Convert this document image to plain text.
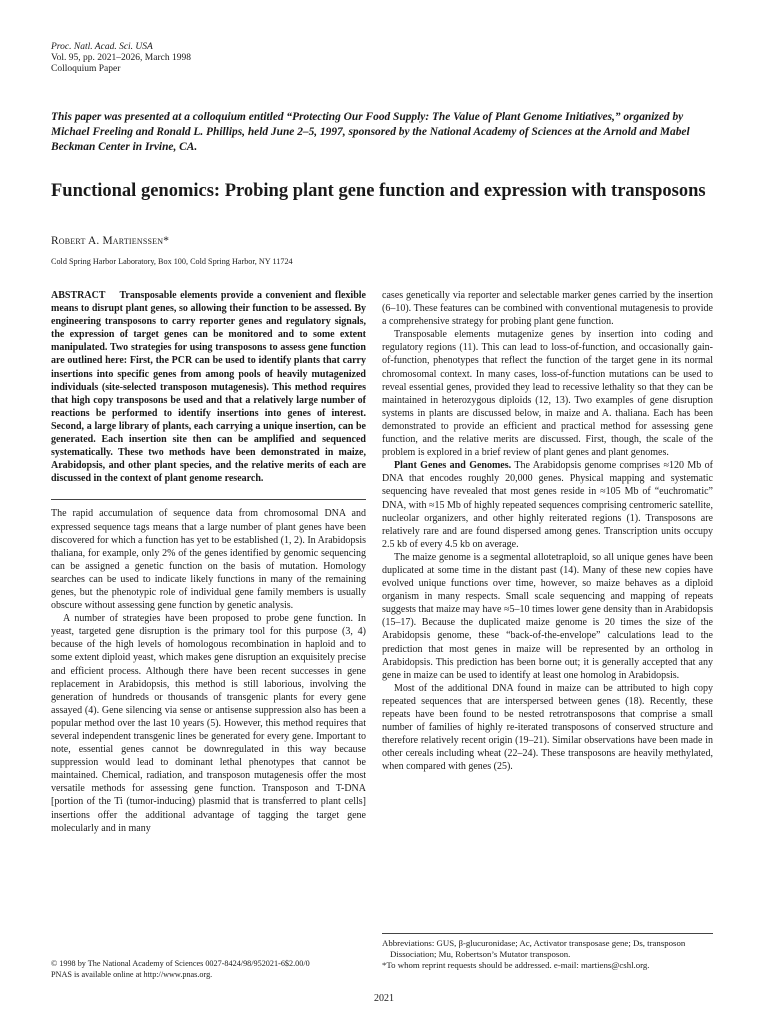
Proc. Natl. Acad. Sci. USA
Vol. 95, pp. 2021–2026, March 1998
Colloquium Paper
This paper was presented at a colloquium entitled “Protecting Our Food Supply: The Value of Plant Genome Initiatives,” organized by Michael Freeling and Ronald L. Phillips, held June 2–5, 1997, sponsored by the National Academy of Sciences at the Arnold and Mabel Beckman Center in Irvine, CA.
Functional genomics: Probing plant gene function and expression with transposons
Robert A. Martienssen*
Cold Spring Harbor Laboratory, Box 100, Cold Spring Harbor, NY 11724

ABSTRACT Transposable elements provide a convenient and flexible means to disrupt plant genes, so allowing their function to be assessed. By engineering transposons to carry reporter genes and regulatory signals, the expression of target genes can be monitored and to some extent manipulated. Two strategies for using transposons to assess gene function are outlined here: First, the PCR can be used to identify plants that carry insertions into specific genes from among pools of heavily mutagenized individuals (site-selected transposon mutagenesis). This method requires that high copy transposons be used and that a relatively large number of reactions be performed to identify insertions into genes of interest. Second, a large library of plants, each carrying a unique insertion, can be generated. Each insertion site then can be amplified and sequenced systematically. These two methods have been demonstrated in maize, Arabidopsis, and other plant species, and the relative merits of each are discussed in the context of plant genome research.

The rapid accumulation of sequence data from chromosomal DNA and expressed sequence tags means that a large number of plant genes have been discovered for which a function has yet to be established (1, 2). In Arabidopsis thaliana, for example, only 2% of the genes identified by genomic sequencing can be assigned a genetic function on the basis of mutation. Homology searches can be used to indicate likely functions in many of the remaining genes, but the phenotypic role of individual gene family members is usually obscure without assessing gene function by genetic analysis.

A number of strategies have been proposed to probe gene function. In yeast, targeted gene disruption is the primary tool for this purpose (3, 4) because of the high levels of homologous recombination in haploid and to some extent diploid yeast, which makes gene disruption an exquisitely precise and efficient process. Although there have been recent successes in gene replacement in Arabidopsis, this method is still laborious, involving the generation of hundreds or thousands of transgenic plants for every gene assayed (4). Gene silencing via sense or antisense suppression also has been a popular method over the last 10 years (5). However, this method requires that several independent transgenic lines be generated for every gene. Important to note, essential genes cannot be downregulated in this way because suppression would lead to dominant lethal phenotypes that cannot be maintained. Chemical, radiation, and transposon mutagenesis offer the most versatile methods for assessing gene function. Transposon and T-DNA [portion of the Ti (tumor-inducing) plasmid that is transferred to plant cells] insertions offer the additional advantage of tagging the target gene molecularly and in many

cases genetically via reporter and selectable marker genes carried by the insertion (6–10). These features can be combined with conventional mutagenesis to provide a comprehensive strategy for probing plant gene function.

Transposable elements mutagenize genes by insertion into coding and regulatory regions (11). This can lead to loss-of-function, and occasionally gain-of-function, phenotypes that reflect the function of the target gene in its normal chromosomal context. In many cases, loss-of-function mutations can be used to reveal essential genes, provided they lead to recessive lethality so that they can be maintained in heterozygous diploids (12, 13). Two examples of gene disruption systems in plants are discussed below, in maize and A. thaliana. Each has been demonstrated to provide an efficient and practical method for assessing gene function, and the relative merits are discussed. First, though, the scale of the problem is explored in a brief review of plant genes and plant genomes.

Plant Genes and Genomes. The Arabidopsis genome comprises ≈120 Mb of DNA that encodes roughly 20,000 genes. Physical mapping and systematic sequencing have revealed that most genes reside in ≈105 Mb of “euchromatic” DNA, with ≈15 Mb of highly repeated sequences comprising centromeric satellite, nucleolar organizers, and other highly reiterated regions (1). Transposons are relatively rare and are found dispersed among genes. Transcription units occupy 2.5 kb of every 4.5 kb on average.

The maize genome is a segmental allotetraploid, so all unique genes have been duplicated at some time in the distant past (14). Many of these new copies have evolved unique functions over time, however, so maize behaves as a diploid organism in many respects. Small scale sequencing and mapping of repeats suggests that maize may have ≈5–10 times lower gene density than in Arabidopsis (15–17). Because the duplicated maize genome is 20 times the size of the Arabidopsis genome, these “back-of-the-envelope” calculations lead to the prediction that most genes in maize will be represented by an ortholog in Arabidopsis. This prediction has been borne out; it is generally accepted that any gene in maize can be used to identify at least one homolog in Arabidopsis.

Most of the additional DNA found in maize can be attributed to high copy repeated sequences that are interspersed between genes (18). Recently, these repeats have been found to be nested retrotransposons that comprise a small number of families of highly re-iterated transposons of conserved structure and therefore relatively recent origin (19–21). Similar observations have been made in other cereals including wheat (22–24). These transposons are heavily methylated, when compared with genes (25).

© 1998 by The National Academy of Sciences 0027-8424/98/952021-6$2.00/0
PNAS is available online at http://www.pnas.org.
Abbreviations: GUS, β-glucuronidase; Ac, Activator transposase gene; Ds, transposon Dissociation; Mu, Robertson’s Mutator transposon.
*To whom reprint requests should be addressed. e-mail: martiens@cshl.org.
2021
